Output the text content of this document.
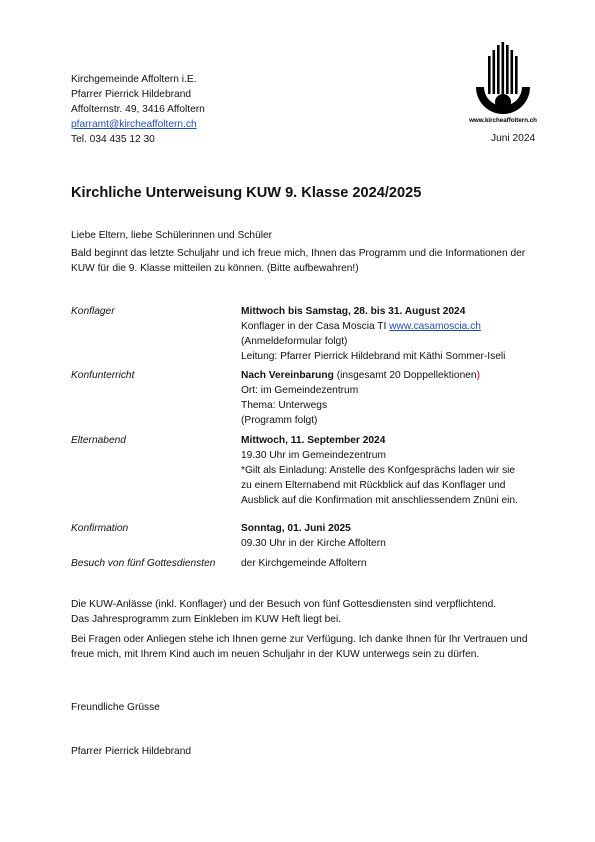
Kirchgemeinde Affoltern i.E.
Pfarrer Pierrick Hildebrand
Affolternstr. 49, 3416 Affoltern
pfarramt@kircheaffoltern.ch
Tel. 034 435 12 30
www.kircheaffoltern.ch
Juni 2024
Kirchliche Unterweisung KUW 9. Klasse 2024/2025
Liebe Eltern, liebe Schülerinnen und Schüler
Bald beginnt das letzte Schuljahr und ich freue mich, Ihnen das Programm und die Informationen der KUW für die 9. Klasse mitteilen zu können. (Bitte aufbewahren!)
Konflager	Mittwoch bis Samstag, 28. bis 31. August 2024
Konflager in der Casa Moscia TI www.casamoscia.ch
(Anmeldeformular folgt)
Leitung: Pfarrer Pierrick Hildebrand mit Käthi Sommer-Iseli
Konfunterricht	Nach Vereinbarung (insgesamt 20 Doppellektionen)
Ort: im Gemeindezentrum
Thema: Unterwegs
(Programm folgt)
Elternabend	Mittwoch, 11. September 2024
19.30 Uhr im Gemeindezentrum
*Gilt als Einladung: Anstelle des Konfgesprächs laden wir sie
zu einem Elternabend mit Rückblick auf das Konflager und
Ausblick auf die Konfirmation mit anschliessendem Znüni ein.
Konfirmation	Sonntag, 01. Juni 2025
09.30 Uhr in der Kirche Affoltern
Besuch von fünf Gottesdiensten	der Kirchgemeinde Affoltern
Die KUW-Anlässe (inkl. Konflager) und der Besuch von fünf Gottesdiensten sind verpflichtend.
Das Jahresprogramm zum Einkleben im KUW Heft liegt bei.
Bei Fragen oder Anliegen stehe ich Ihnen gerne zur Verfügung. Ich danke Ihnen für Ihr Vertrauen und freue mich, mit Ihrem Kind auch im neuen Schuljahr in der KUW unterwegs sein zu dürfen.
Freundliche Grüsse
Pfarrer Pierrick Hildebrand
